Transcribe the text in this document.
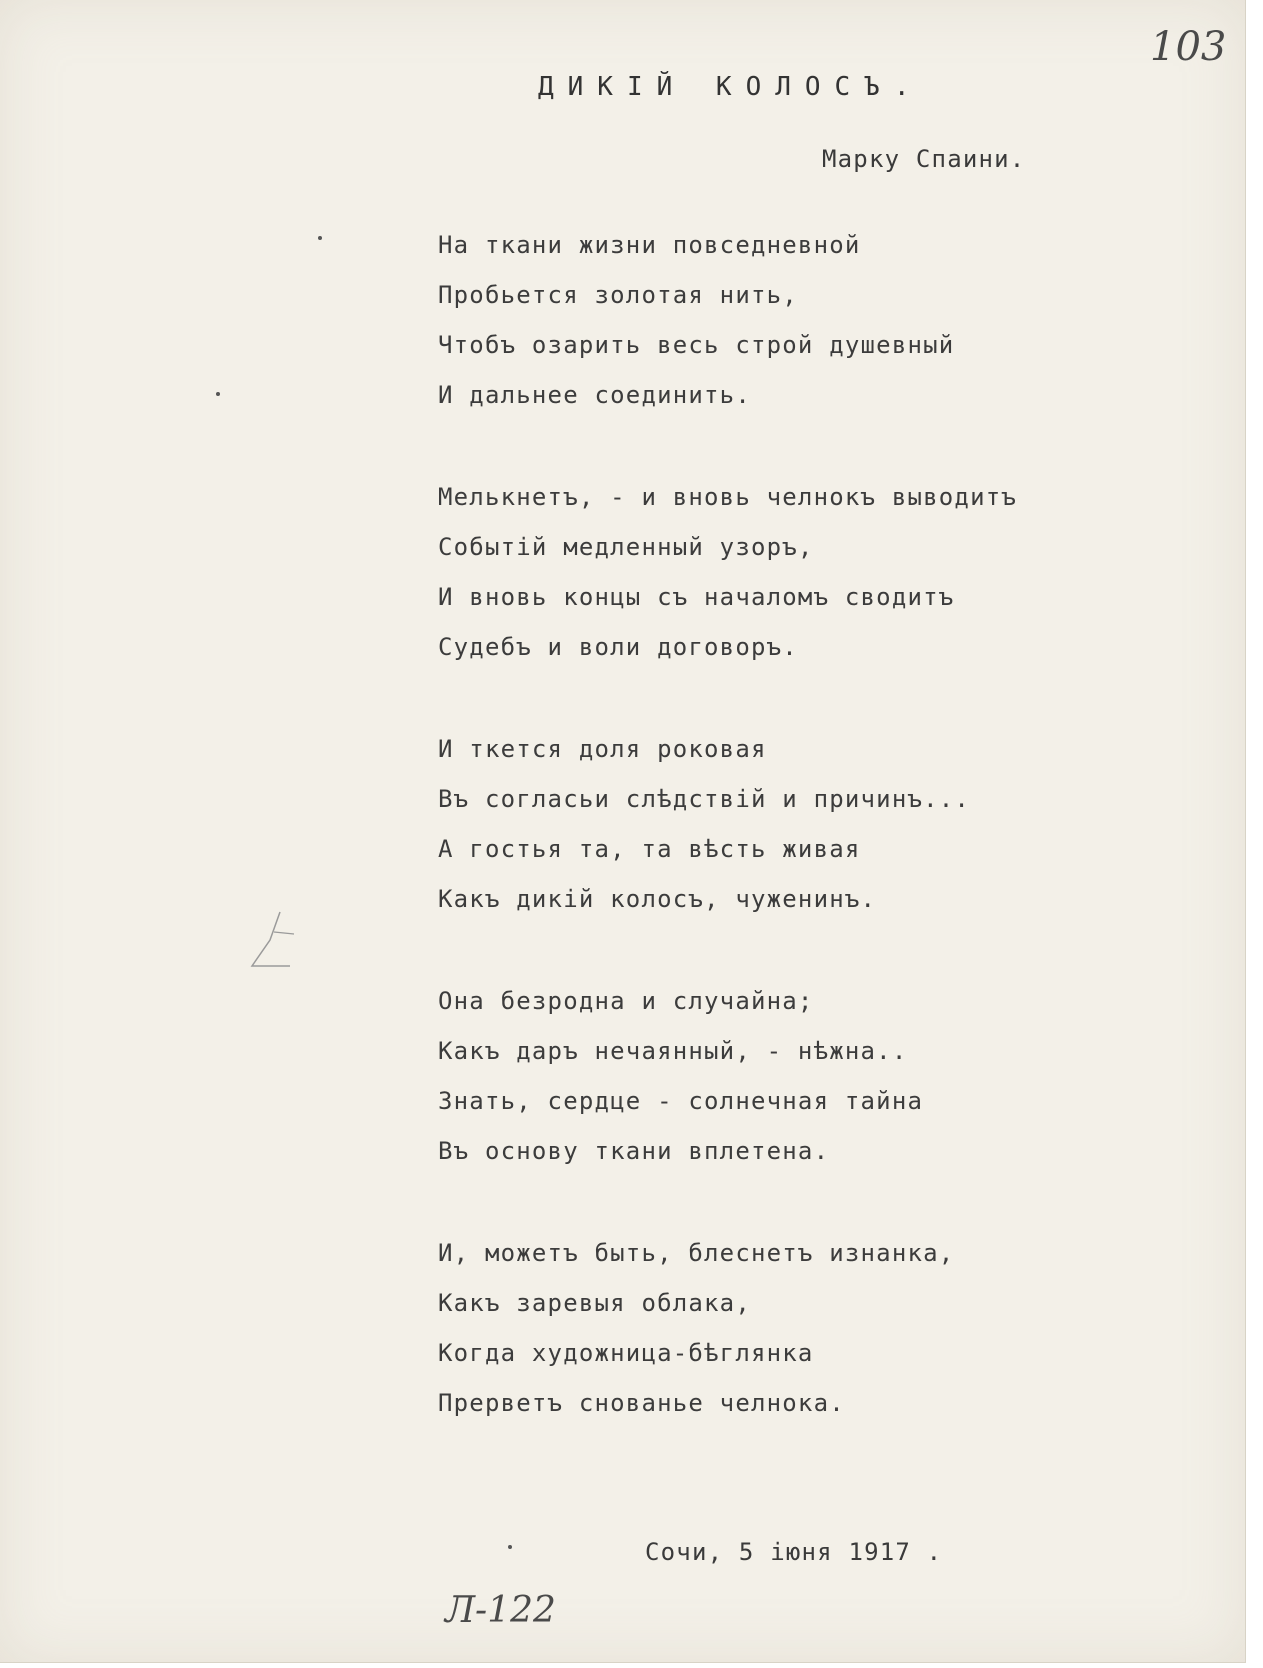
103
ДИКІЙ КОЛОСЪ.
Марку Спаини.
На ткани жизни повседневной
Пробьется золотая нить,
Чтобъ озарить весь строй душевный
И дальнее соединить.
Мелькнетъ, - и вновь челнокъ выводитъ
Событій медленный узоръ,
И вновь концы съ началомъ сводитъ
Судебъ и воли договоръ.
И ткется доля роковая
Въ согласьи слѣдствій и причинъ...
А гостья та, та вѣсть живая
Какъ дикій колосъ, чуженинъ.
Она безродна и случайна;
Какъ даръ нечаянный, - нѣжна..
Знать, сердце - солнечная тайна
Въ основу ткани вплетена.
И, можетъ быть, блеснетъ изнанка,
Какъ заревыя облака,
Когда художница-бѣглянка
Прерветъ снованье челнока.
Сочи, 5 іюня 1917 .
Л-122
